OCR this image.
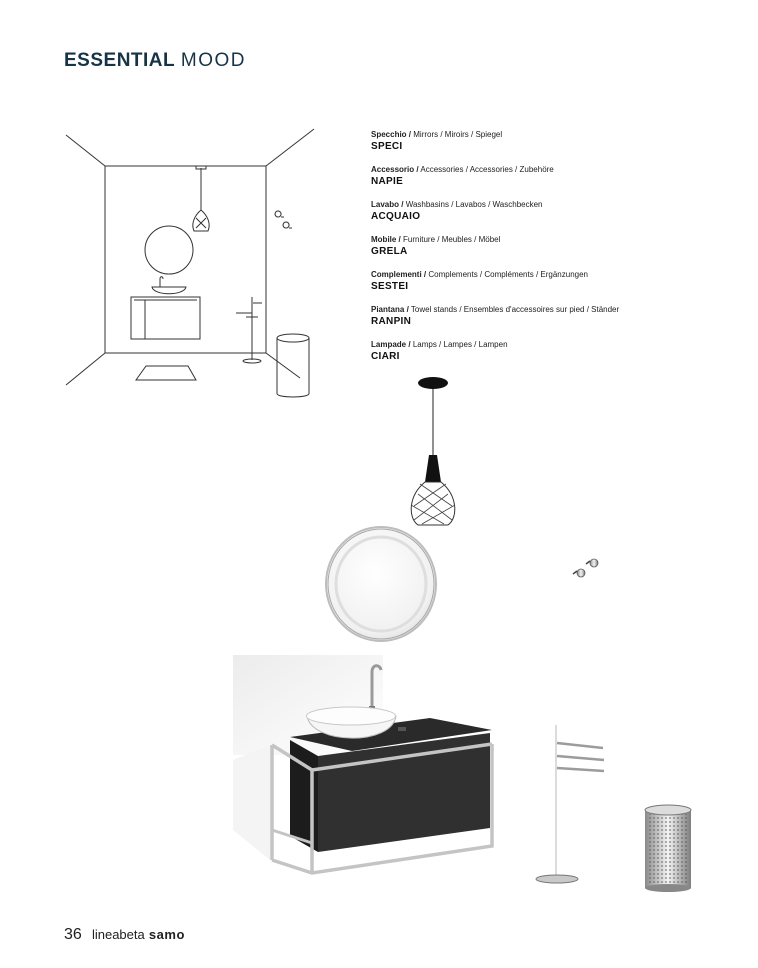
ESSENTIAL MOOD
Specchio / Mirrors / Miroirs / Spiegel
SPECI
Accessorio / Accessories / Accessories / Zubehöre
NAPIE
Lavabo / Washbasins / Lavabos / Waschbecken
ACQUAIO
Mobile / Furniture / Meubles / Möbel
GRELA
Complementi / Complements / Compléments / Ergänzungen
SESTEI
Piantana / Towel stands / Ensembles d'accessoires sur pied / Ständer
RANPIN
Lampade / Lamps / Lampes / Lampen
CIARI
36 lineabeta samo
